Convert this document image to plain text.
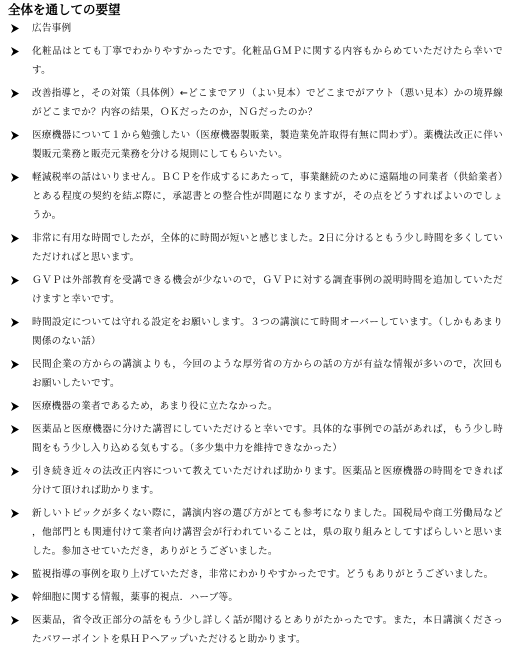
全体を通しての要望
広告事例
化粧品はとても丁寧でわかりやすかったです。化粧品ＧＭＰに関する内容もからめていただけたら幸いです。
改善指導と，その対策（具体例）←どこまでアリ（よい見本）でどこまでがアウト（悪い見本）かの境界線がどこまでか？内容の結果，ＯＫだったのか，ＮＧだったのか？
医療機器について１から勉強したい（医療機器製販業，製造業免許取得有無に問わず）。薬機法改正に伴い製販元業務と販売元業務を分ける規則にしてもらいたい。
軽減税率の話はいりません。ＢＣＰを作成するにあたって，事業継続のために遠隔地の同業者（供給業者）とある程度の契約を結ぶ際に，承認書との整合性が問題になりますが，その点をどうすればよいのでしょうか。
非常に有用な時間でしたが，全体的に時間が短いと感じました。2日に分けるともう少し時間を多くしていただければと思います。
ＧＶＰは外部教育を受講できる機会が少ないので，ＧＶＰに対する調査事例の説明時間を追加していただけますと幸いです。
時間設定については守れる設定をお願いします。３つの講演にて時間オーバーしています。（しかもあまり関係のない話）
民間企業の方からの講演よりも，今回のような厚労省の方からの話の方が有益な情報が多いので，次回もお願いしたいです。
医療機器の業者であるため，あまり役に立たなかった。
医薬品と医療機器に分けた講習にしていただけると幸いです。具体的な事例での話があれば，もう少し時間をもう少し入り込める気もする。（多少集中力を維持できなかった）
引き続き近々の法改正内容について教えていただければ助かります。医薬品と医療機器の時間をできれば分けて頂ければ助かります。
新しいトピックが多くない際に，講演内容の選び方がとても参考になりました。国税局や商工労働局など，他部門とも関連付けて業者向け講習会が行われていることは，県の取り組みとしてすばらしいと思いました。参加させていただき，ありがとうございました。
監視指導の事例を取り上げていただき，非常にわかりやすかったです。どうもありがとうございました。
幹細胞に関する情報，薬事的視点．ハーブ等。
医薬品，省令改正部分の話をもう少し詳しく話が聞けるとありがたかったです。また，本日講演くださったパワーポイントを県ＨＰへアップいただけると助かります。
